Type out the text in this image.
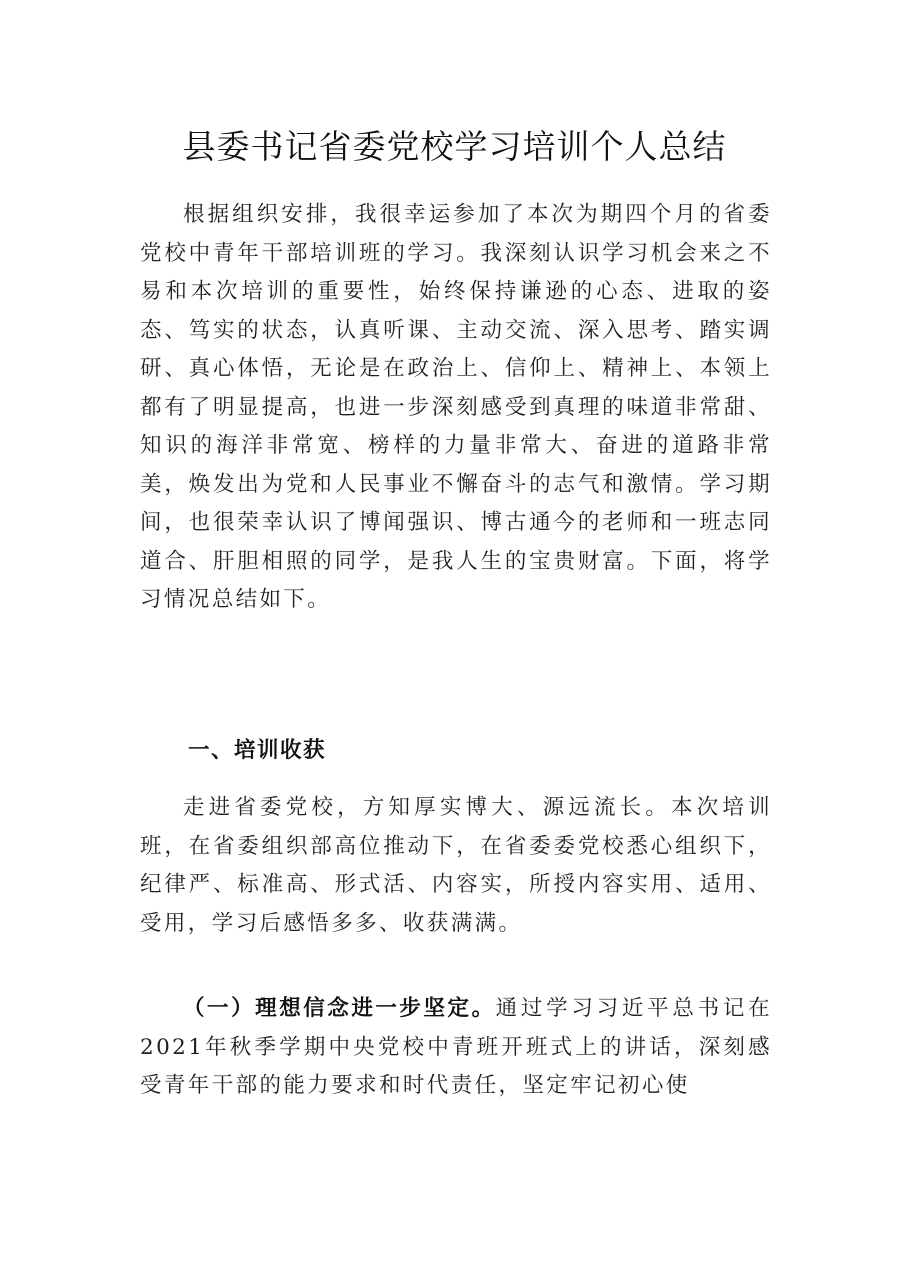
县委书记省委党校学习培训个人总结

根据组织安排，我很幸运参加了本次为期四个月的省委党校中青年干部培训班的学习。我深刻认识学习机会来之不易和本次培训的重要性，始终保持谦逊的心态、进取的姿态、笃实的状态，认真听课、主动交流、深入思考、踏实调研、真心体悟，无论是在政治上、信仰上、精神上、本领上都有了明显提高，也进一步深刻感受到真理的味道非常甜、知识的海洋非常宽、榜样的力量非常大、奋进的道路非常美，焕发出为党和人民事业不懈奋斗的志气和激情。学习期间，也很荣幸认识了博闻强识、博古通今的老师和一班志同道合、肝胆相照的同学，是我人生的宝贵财富。下面，将学习情况总结如下。

一、培训收获

走进省委党校，方知厚实博大、源远流长。本次培训班，在省委组织部高位推动下，在省委委党校悉心组织下，纪律严、标准高、形式活、内容实，所授内容实用、适用、受用，学习后感悟多多、收获满满。

（一）理想信念进一步坚定。通过学习习近平总书记在2021年秋季学期中央党校中青班开班式上的讲话，深刻感受青年干部的能力要求和时代责任，坚定牢记初心使
